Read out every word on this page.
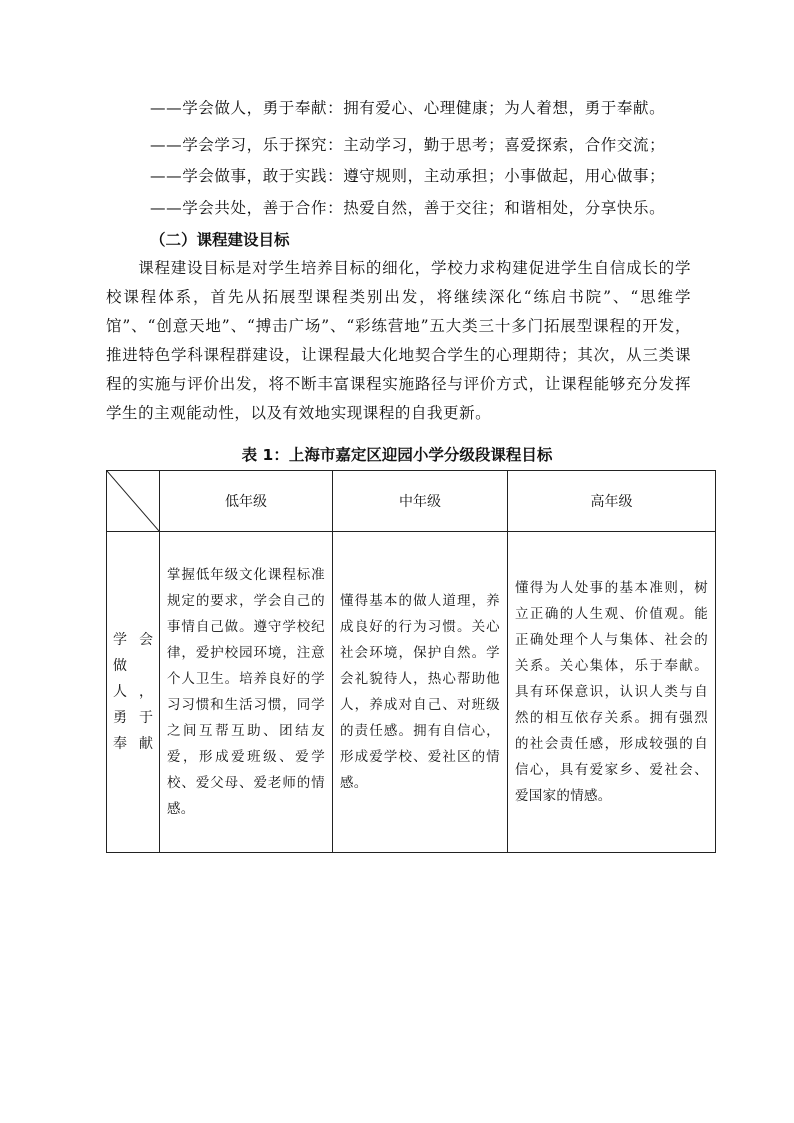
——学会做人，勇于奉献：拥有爱心、心理健康；为人着想，勇于奉献。
——学会学习，乐于探究：主动学习，勤于思考；喜爱探索，合作交流；
——学会做事，敢于实践：遵守规则，主动承担；小事做起，用心做事；
——学会共处，善于合作：热爱自然，善于交往；和谐相处，分享快乐。
（二）课程建设目标
课程建设目标是对学生培养目标的细化，学校力求构建促进学生自信成长的学校课程体系，首先从拓展型课程类别出发，将继续深化“练启书院”、“思维学馆”、“创意天地”、“搏击广场”、“彩练营地”五大类三十多门拓展型课程的开发，推进特色学科课程群建设，让课程最大化地契合学生的心理期待；其次，从三类课程的实施与评价出发，将不断丰富课程实施路径与评价方式，让课程能够充分发挥学生的主观能动性，以及有效地实现课程的自我更新。
表 1：上海市嘉定区迎园小学分级段课程目标
	低年级	中年级	高年级
学会做人，勇于奉献	掌握低年级文化课程标准规定的要求，学会自己的事情自己做。遵守学校纪律，爱护校园环境，注意个人卫生。培养良好的学习习惯和生活习惯，同学之间互帮互助、团结友爱，形成爱班级、爱学校、爱父母、爱老师的情感。	懂得基本的做人道理，养成良好的行为习惯。关心社会环境，保护自然。学会礼貌待人，热心帮助他人，养成对自己、对班级的责任感。拥有自信心，形成爱学校、爱社区的情感。	懂得为人处事的基本准则，树立正确的人生观、价值观。能正确处理个人与集体、社会的关系。关心集体，乐于奉献。具有环保意识，认识人类与自然的相互依存关系。拥有强烈的社会责任感，形成较强的自信心，具有爱家乡、爱社会、爱国家的情感。
